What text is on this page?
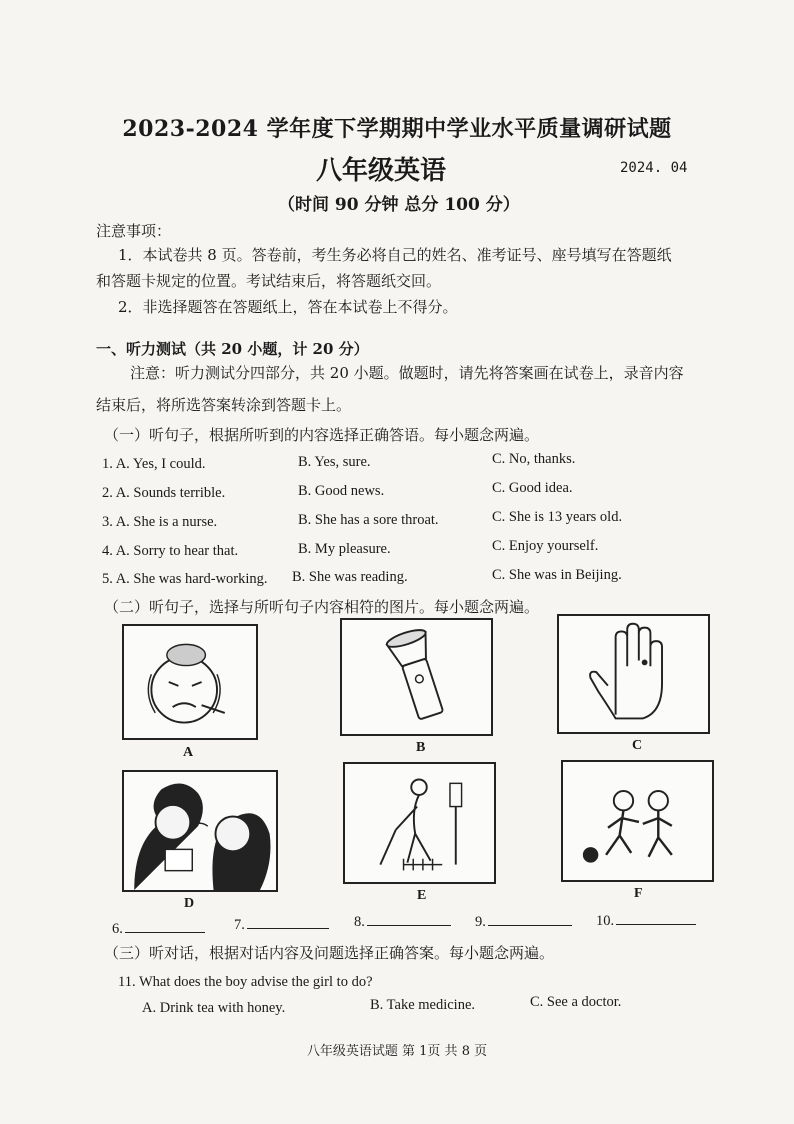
2023-2024 学年度下学期期中学业水平质量调研试题
八年级英语	2024. 04
（时间 90 分钟 总分 100 分）
注意事项：
1．本试卷共 8 页。答卷前，考生务必将自己的姓名、准考证号、座号填写在答题纸
和答题卡规定的位置。考试结束后，将答题纸交回。
2．非选择题答在答题纸上，答在本试卷上不得分。
一、听力测试（共 20 小题，计 20 分）
注意：听力测试分四部分，共 20 小题。做题时，请先将答案画在试卷上，录音内容
结束后，将所选答案转涂到答题卡上。
（一）听句子，根据所听到的内容选择正确答语。每小题念两遍。
1. A. Yes, I could.	B. Yes, sure.	C. No, thanks.
2. A. Sounds terrible.	B. Good news.	C. Good idea.
3. A. She is a nurse.	B. She has a sore throat.	C. She is 13 years old.
4. A. Sorry to hear that.	B. My pleasure.	C. Enjoy yourself.
5. A. She was hard-working. B. She was reading.	C. She was in Beijing.
（二）听句子，选择与所听句子内容相符的图片。每小题念两遍。
A	B	C
D
E	F
6.	7.	8.	9.	10.
（三）听对话，根据对话内容及问题选择正确答案。每小题念两遍。
11. What does the boy advise the girl to do?
A. Drink tea with honey.	B. Take medicine.	C. See a doctor.
八年级英语试题 第 1页 共 8 页
